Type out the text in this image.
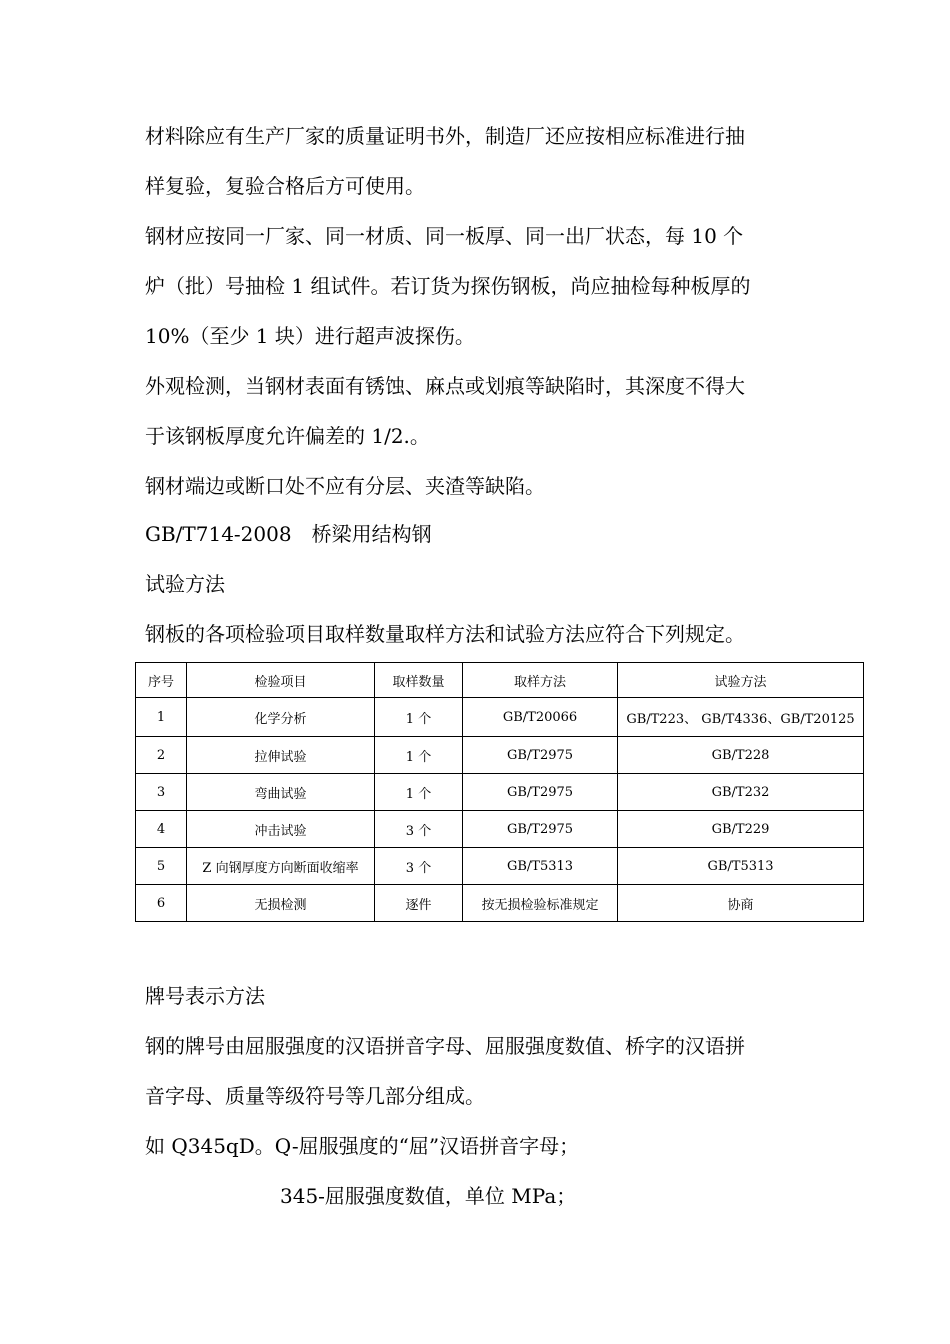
材料除应有生产厂家的质量证明书外，制造厂还应按相应标准进行抽
样复验，复验合格后方可使用。
钢材应按同一厂家、同一材质、同一板厚、同一出厂状态，每 10 个
炉（批）号抽检 1 组试件。若订货为探伤钢板，尚应抽检每种板厚的
10%（至少 1 块）进行超声波探伤。
外观检测，当钢材表面有锈蚀、麻点或划痕等缺陷时，其深度不得大
于该钢板厚度允许偏差的 1/2.。
钢材端边或断口处不应有分层、夹渣等缺陷。
GB/T714-2008　桥梁用结构钢
试验方法
钢板的各项检验项目取样数量取样方法和试验方法应符合下列规定。
序号	检验项目	取样数量	取样方法	试验方法
1	化学分析	1 个	GB/T20066	GB/T223、 GB/T4336、GB/T20125
2	拉伸试验	1 个	GB/T2975	GB/T228
3	弯曲试验	1 个	GB/T2975	GB/T232
4	冲击试验	3 个	GB/T2975	GB/T229
5	Z 向钢厚度方向断面收缩率	3 个	GB/T5313	GB/T5313
6	无损检测	逐件	按无损检验标准规定	协商
牌号表示方法
钢的牌号由屈服强度的汉语拼音字母、屈服强度数值、桥字的汉语拼
音字母、质量等级符号等几部分组成。
如 Q345qD。Q-屈服强度的“屈”汉语拼音字母；
345-屈服强度数值，单位 MPa；
